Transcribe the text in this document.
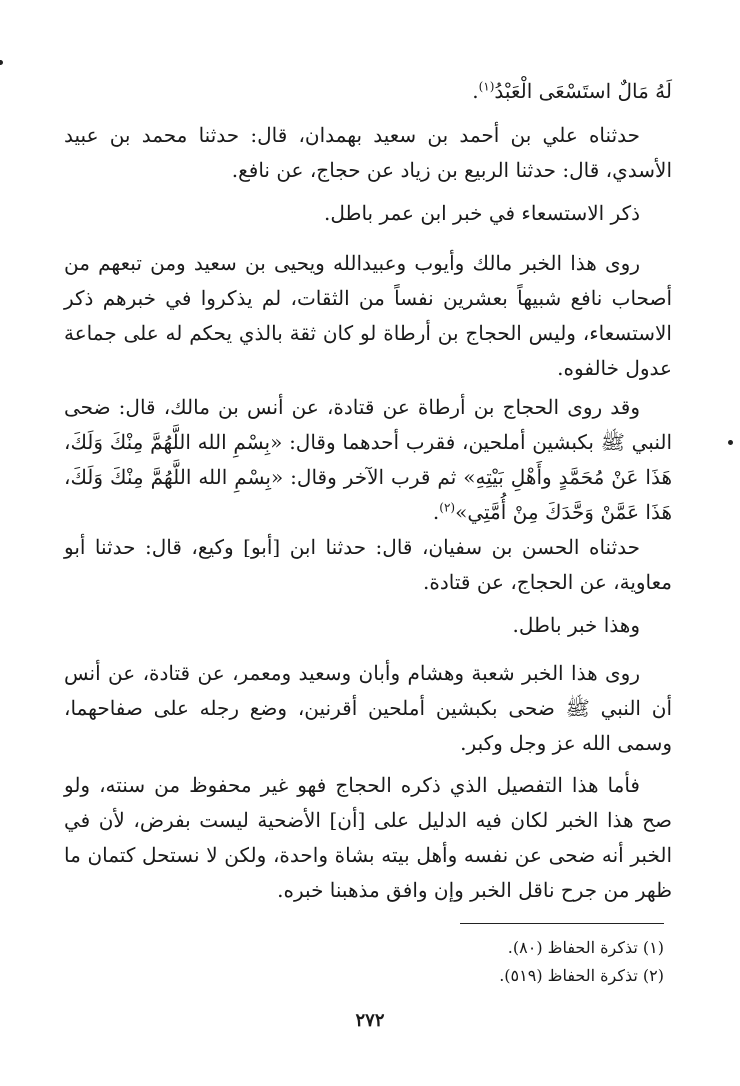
لَهُ مَالٌ استَسْعَى الْعَبْدُ$^{(١)}$.

حدثناه علي بن أحمد بن سعيد بهمدان، قال: حدثنا محمد بن عبيد الأسدي، قال: حدثنا الربيع بن زياد عن حجاج، عن نافع.

ذكر الاستسعاء في خبر ابن عمر باطل.

روى هذا الخبر مالك وأيوب وعبيدالله ويحيى بن سعيد ومن تبعهم من أصحاب نافع شبيهاً بعشرين نفساً من الثقات، لم يذكروا في خبرهم ذكر الاستسعاء، وليس الحجاج بن أرطاة لو كان ثقة بالذي يحكم له على جماعة عدول خالفوه.

وقد روى الحجاج بن أرطاة عن قتادة، عن أنس بن مالك، قال: ضحى النبي ﷺ بكبشين أملحين، فقرب أحدهما وقال: «بِسْمِ الله اللَّهُمَّ مِنْكَ وَلَكَ، هَذَا عَنْ مُحَمَّدٍ وأَهْلِ بَيْتِهِ» ثم قرب الآخر وقال: «بِسْمِ الله اللَّهُمَّ مِنْكَ وَلَكَ، هَذَا عَمَّنْ وَحَّدَكَ مِنْ أُمَّتِي»$^{(٢)}$.

حدثناه الحسن بن سفيان، قال: حدثنا ابن [أبو] وكيع، قال: حدثنا أبو معاوية، عن الحجاج، عن قتادة.

وهذا خبر باطل.

روى هذا الخبر شعبة وهشام وأبان وسعيد ومعمر، عن قتادة، عن أنس أن النبي ﷺ ضحى بكبشين أملحين أقرنين، وضع رجله على صفاحهما، وسمى الله عز وجل وكبر.

فأما هذا التفصيل الذي ذكره الحجاج فهو غير محفوظ من سنته، ولو صح هذا الخبر لكان فيه الدليل على [أن] الأضحية ليست بفرض، لأن في الخبر أنه ضحى عن نفسه وأهل بيته بشاة واحدة، ولكن لا نستحل كتمان ما ظهر من جرح ناقل الخبر وإن وافق مذهبنا خبره.

(١) تذكرة الحفاظ (٨٠).

(٢) تذكرة الحفاظ (٥١٩).

٢٧٢
